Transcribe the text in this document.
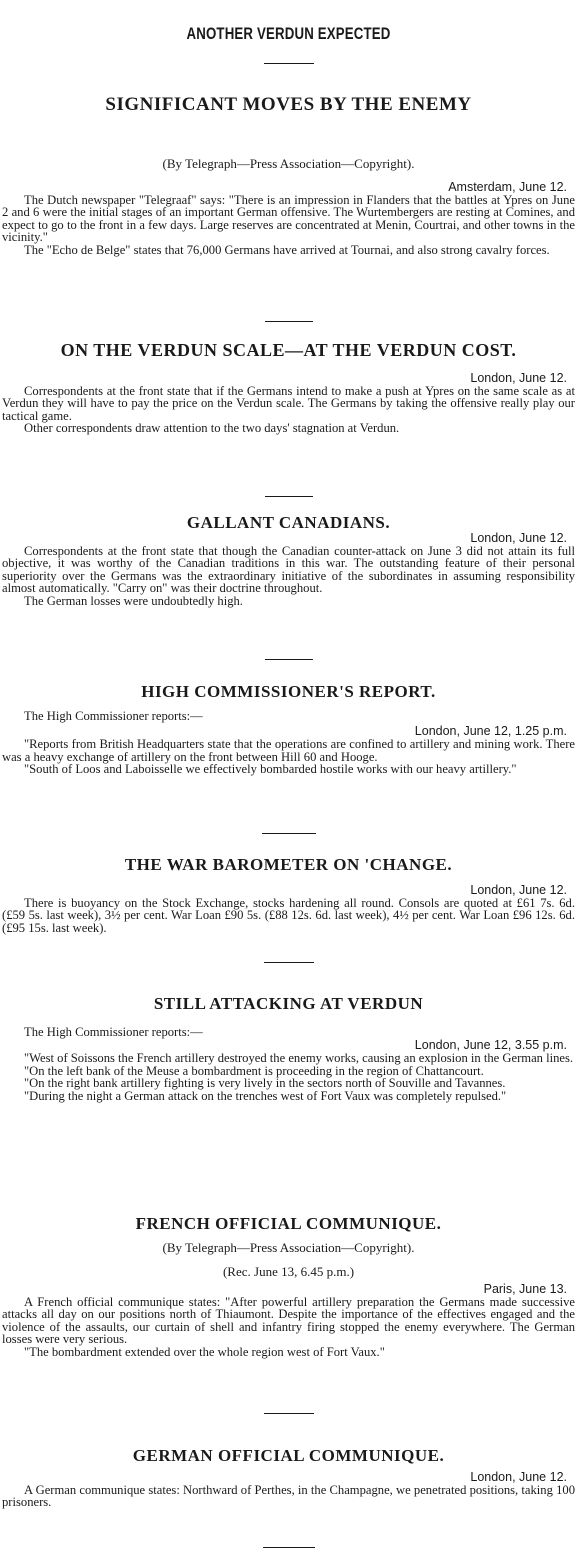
ANOTHER VERDUN EXPECTED
SIGNIFICANT MOVES BY THE ENEMY

(By Telegraph—Press Association—Copyright).

Amsterdam, June 12.

The Dutch newspaper "Telegraaf" says: "There is an impression in Flanders that the battles at Ypres on June 2 and 6 were the initial stages of an important German offensive. The Wurtembergers are resting at Comines, and expect to go to the front in a few days. Large reserves are concentrated at Menin, Courtrai, and other towns in the vicinity."

The "Echo de Belge" states that 76,000 Germans have arrived at Tournai, and also strong cavalry forces.

ON THE VERDUN SCALE—AT THE VERDUN COST.

London, June 12.

Correspondents at the front state that if the Germans intend to make a push at Ypres on the same scale as at Verdun they will have to pay the price on the Verdun scale. The Germans by taking the offensive really play our tactical game.

Other correspondents draw attention to the two days' stagnation at Verdun.

GALLANT CANADIANS.

London, June 12.

Correspondents at the front state that though the Canadian counter-attack on June 3 did not attain its full objective, it was worthy of the Canadian traditions in this war. The outstanding feature of their personal superiority over the Germans was the extraordinary initiative of the subordinates in assuming responsibility almost automatically. "Carry on" was their doctrine throughout.

The German losses were undoubtedly high.

HIGH COMMISSIONER'S REPORT.

The High Commissioner reports:—

London, June 12, 1.25 p.m.

"Reports from British Headquarters state that the operations are confined to artillery and mining work. There was a heavy exchange of artillery on the front between Hill 60 and Hooge.

"South of Loos and Laboisselle we effectively bombarded hostile works with our heavy artillery."

THE WAR BAROMETER ON 'CHANGE.

London, June 12.

There is buoyancy on the Stock Exchange, stocks hardening all round. Consols are quoted at £61 7s. 6d. (£59 5s. last week), 3½ per cent. War Loan £90 5s. (£88 12s. 6d. last week), 4½ per cent. War Loan £96 12s. 6d. (£95 15s. last week).

STILL ATTACKING AT VERDUN

The High Commissioner reports:—

London, June 12, 3.55 p.m.

"West of Soissons the French artillery destroyed the enemy works, causing an explosion in the German lines.

"On the left bank of the Meuse a bombardment is proceeding in the region of Chattancourt.

"On the right bank artillery fighting is very lively in the sectors north of Souville and Tavannes.

"During the night a German attack on the trenches west of Fort Vaux was completely repulsed."

FRENCH OFFICIAL COMMUNIQUE.

(By Telegraph—Press Association—Copyright).

(Rec. June 13, 6.45 p.m.)

Paris, June 13.

A French official communique states: "After powerful artillery preparation the Germans made successive attacks all day on our positions north of Thiaumont. Despite the importance of the effectives engaged and the violence of the assaults, our curtain of shell and infantry firing stopped the enemy everywhere. The German losses were very serious.

"The bombardment extended over the whole region west of Fort Vaux."

GERMAN OFFICIAL COMMUNIQUE.

London, June 12.

A German communique states: Northward of Perthes, in the Champagne, we penetrated positions, taking 100 prisoners.
